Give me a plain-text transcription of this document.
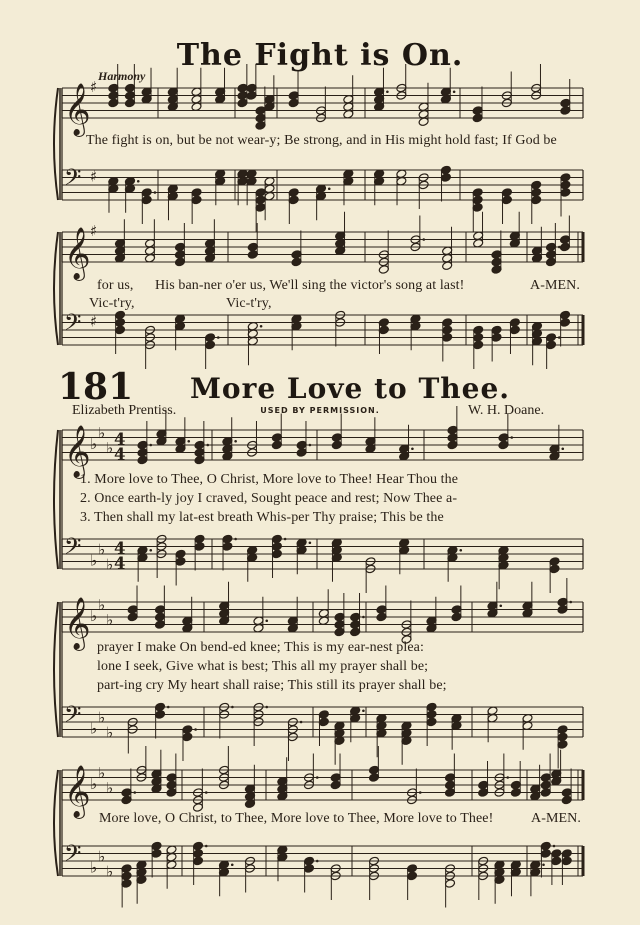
The Fight is On.
Harmony
𝄞
𝄢
♯
♯
𝄞
𝄢
♯
♯
𝄞
𝄢
♭
♭
♭
♭
♭
♭
4
4
4
4
𝄞
𝄢
♭
♭
♭
♭
♭
♭
𝄞
𝄢
♭
♭
♭
♭
♭
♭
The fight is on, but be not wear-y; Be strong, and in His might hold fast; If God be
for us, His ban-ner o'er us, We'll sing the victor's song at last!	A-MEN.
Vic-t'ry,	Vic-t'ry,
181	More Love to Thee.
Elizabeth Prentiss.	USED BY PERMISSION.	W. H. Doane.
1. More love to Thee, O Christ, More love to Thee! Hear Thou the
2. Once earth-ly joy I craved, Sought peace and rest; Now Thee a-
3. Then shall my lat-est breath Whis-per Thy praise; This be the
prayer I make On bend-ed knee; This is my ear-nest plea:
lone I seek, Give what is best; This all my prayer shall be;
part-ing cry My heart shall raise; This still its prayer shall be;
More love, O Christ, to Thee, More love to Thee, More love to Thee!	A-MEN.
